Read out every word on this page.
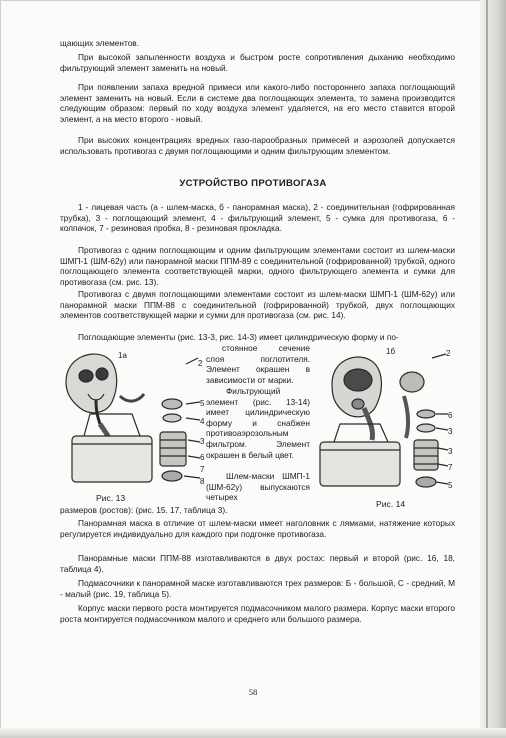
щающих элементов.

При высокой запыленности воздуха и быстром росте сопротивления дыханию необходимо фильтрующий элемент заменить на новый.

При появлении запаха вредной примеси или какого-либо постороннего запаха поглощающий элемент заменить на новый. Если в системе два поглощающих элемента, то замена производится следующим образом: первый по ходу воздуха элемент удаляется, на его место ставится второй элемент, а на место второго - новый.

При высоких концентрациях вредных газо-парообразных примесей и аэрозолей допускается использовать противогаз с двумя поглощающими и одним фильтрующим элементом.

УСТРОЙСТВО ПРОТИВОГАЗА

1 - лицевая часть (а - шлем-маска, б - панорамная маска), 2 - соединительная (гофрированная трубка), 3 - поглощающий элемент, 4 - фильтрующий элемент, 5 - сумка для противогаза, 6 - колпачок, 7 - резиновая пробка, 8 - резиновая прокладка.

Противогаз с одним поглощающим и одним фильтрующим элементами состоит из шлем-маски ШМП-1 (ШМ-62у) или панорамной маски ППМ-89 с соединительной (гофрированной) трубкой, одного поглощающего элемента соответствующей марки, одного фильтрующего элемента и сумки для противогаза (см. рис. 13).

Противогаз с двумя поглощающими элементами состоит из шлем-маски ШМП-1 (ШМ-62у) или панорамной маски ППМ-88 с соединительной (гофрированной) трубкой, двух поглощающих элементов соответствующей марки и сумки для противогаза (см. рис. 14).

Поглощающие элементы (рис. 13-3, рис. 14-3) имеет цилиндрическую форму и по-

1а
2
5
4
3
6
7
8
Рис. 13

стоянное сечение слоя поглотителя. Элемент окрашен в зависимости от марки.

Фильтрующий элемент (рис. 13-14) имеет цилиндрическую форму и снабжен противоаэрозольным фильтром. Элемент окрашен в белый цвет.

Шлем-маски ШМП-1 (ШМ-62у) выпускаются четырех

размеров (ростов): (рис. 15. 17, таблица 3).

1б	2
6
3
3
7
5
Рис. 14

Панорамная маска в отличие от шлем-маски имеет наголовник с лямками, натяжение которых регулируется индивидуально для каждого при подгонке противогаза.

Панорамные маски ППМ-88 изготавливаются в двух ростах: первый и второй (рис. 16, 18, таблица 4).

Подмасочники к панорамной маске изготавливаются трех размеров: Б - большой, С - средний, М - малый (рис. 19, таблица 5).

Корпус маски первого роста монтируется подмасочником малого размера. Корпус маски второго роста монтируется подмасочником малого и среднего или большого размера.

58
